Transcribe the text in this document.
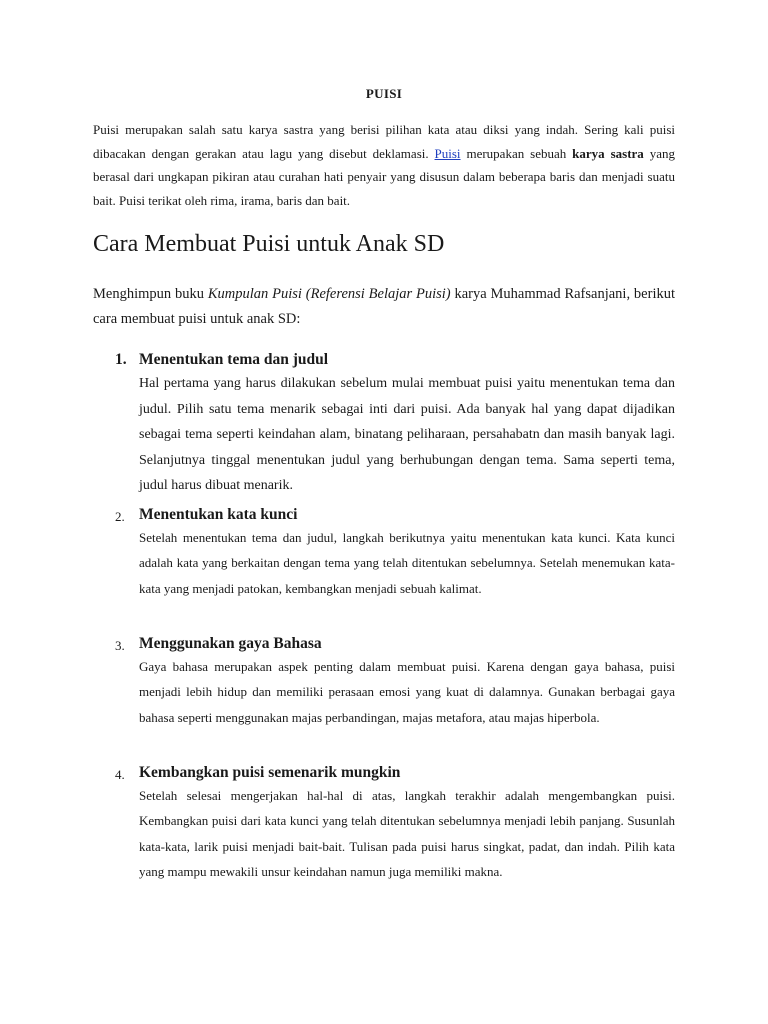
PUISI
Puisi merupakan salah satu karya sastra yang berisi pilihan kata atau diksi yang indah. Sering kali puisi dibacakan dengan gerakan atau lagu yang disebut deklamasi. Puisi merupakan sebuah karya sastra yang berasal dari ungkapan pikiran atau curahan hati penyair yang disusun dalam beberapa baris dan menjadi suatu bait. Puisi terikat oleh rima, irama, baris dan bait.
Cara Membuat Puisi untuk Anak SD
Menghimpun buku Kumpulan Puisi (Referensi Belajar Puisi) karya Muhammad Rafsanjani, berikut cara membuat puisi untuk anak SD:
1. Menentukan tema dan judul
Hal pertama yang harus dilakukan sebelum mulai membuat puisi yaitu menentukan tema dan judul. Pilih satu tema menarik sebagai inti dari puisi. Ada banyak hal yang dapat dijadikan sebagai tema seperti keindahan alam, binatang peliharaan, persahabatn dan masih banyak lagi. Selanjutnya tinggal menentukan judul yang berhubungan dengan tema. Sama seperti tema, judul harus dibuat menarik.
2. Menentukan kata kunci
Setelah menentukan tema dan judul, langkah berikutnya yaitu menentukan kata kunci. Kata kunci adalah kata yang berkaitan dengan tema yang telah ditentukan sebelumnya. Setelah menemukan kata-kata yang menjadi patokan, kembangkan menjadi sebuah kalimat.
3. Menggunakan gaya Bahasa
Gaya bahasa merupakan aspek penting dalam membuat puisi. Karena dengan gaya bahasa, puisi menjadi lebih hidup dan memiliki perasaan emosi yang kuat di dalamnya. Gunakan berbagai gaya bahasa seperti menggunakan majas perbandingan, majas metafora, atau majas hiperbola.
4. Kembangkan puisi semenarik mungkin
Setelah selesai mengerjakan hal-hal di atas, langkah terakhir adalah mengembangkan puisi. Kembangkan puisi dari kata kunci yang telah ditentukan sebelumnya menjadi lebih panjang. Susunlah kata-kata, larik puisi menjadi bait-bait. Tulisan pada puisi harus singkat, padat, dan indah. Pilih kata yang mampu mewakili unsur keindahan namun juga memiliki makna.
